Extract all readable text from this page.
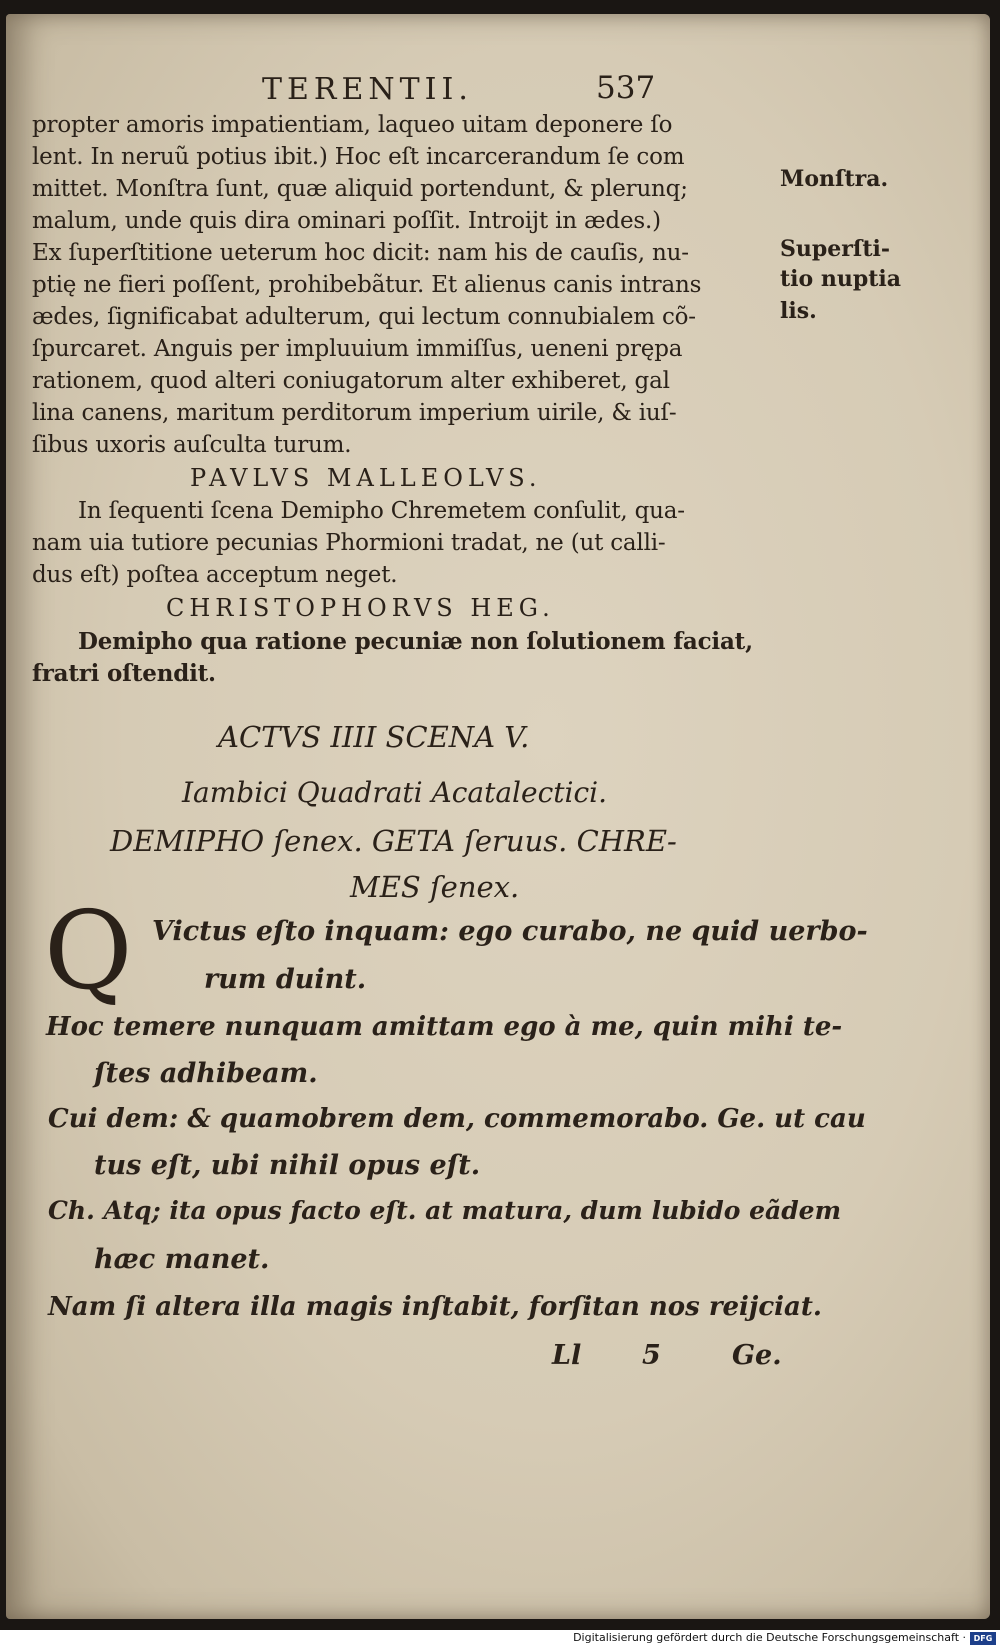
TERENTII.	537
propter amoris impatientiam, laqueo uitam deponere ſo
lent. In neruũ potius ibit.) Hoc eſt incarcerandum ſe com
mittet. Monſtra ſunt, quæ aliquid portendunt, & plerunq;
malum, unde quis dira ominari poſſit. Introijt in ædes.)
Ex ſuperſtitione ueterum hoc dicit: nam his de cauſis, nu‑
ptię ne fieri poſſent, prohibebãtur. Et alienus canis intrans
ædes, ſignificabat adulterum, qui lectum connubialem cõ‑
ſpurcaret. Anguis per impluuium immiſſus, ueneni prępa
rationem, quod alteri coniugatorum alter exhiberet, gal
lina canens, maritum perditorum imperium uirile, & iuſ‑
ſibus uxoris auſculta turum.
Monſtra.
Superſti‑
tio nuptia
lis.
PAVLVS MALLEOLVS.
In ſequenti ſcena Demipho Chremetem conſulit, qua‑
nam uia tutiore pecunias Phormioni tradat, ne (ut calli‑
dus eſt) poſtea acceptum neget.
CHRISTOPHORVS HEG.
Demipho qua ratione pecuniæ non ſolutionem faciat,
fratri oſtendit.
ACTVS IIII SCENA V.
Iambici Quadrati Acatalectici.
DEMIPHO ſenex. GETA ſeruus. CHRE‑
MES ſenex.
Q Victus eſto inquam: ego curabo, ne quid uerbo‑
rum duint.
Hoc temere nunquam amittam ego à me, quin mihi te‑
ſtes adhibeam.
Cui dem: & quamobrem dem, commemorabo. Ge. ut cau
tus eſt, ubi nihil opus eſt.
Ch. Atq; ita opus facto eſt. at matura, dum lubido eãdem
hæc manet.
Nam ſi altera illa magis inſtabit, forſitan nos reijciat.
Ll 5	Ge.
Digitalisierung gefördert durch die Deutsche Forschungsgemeinschaft · DFG
